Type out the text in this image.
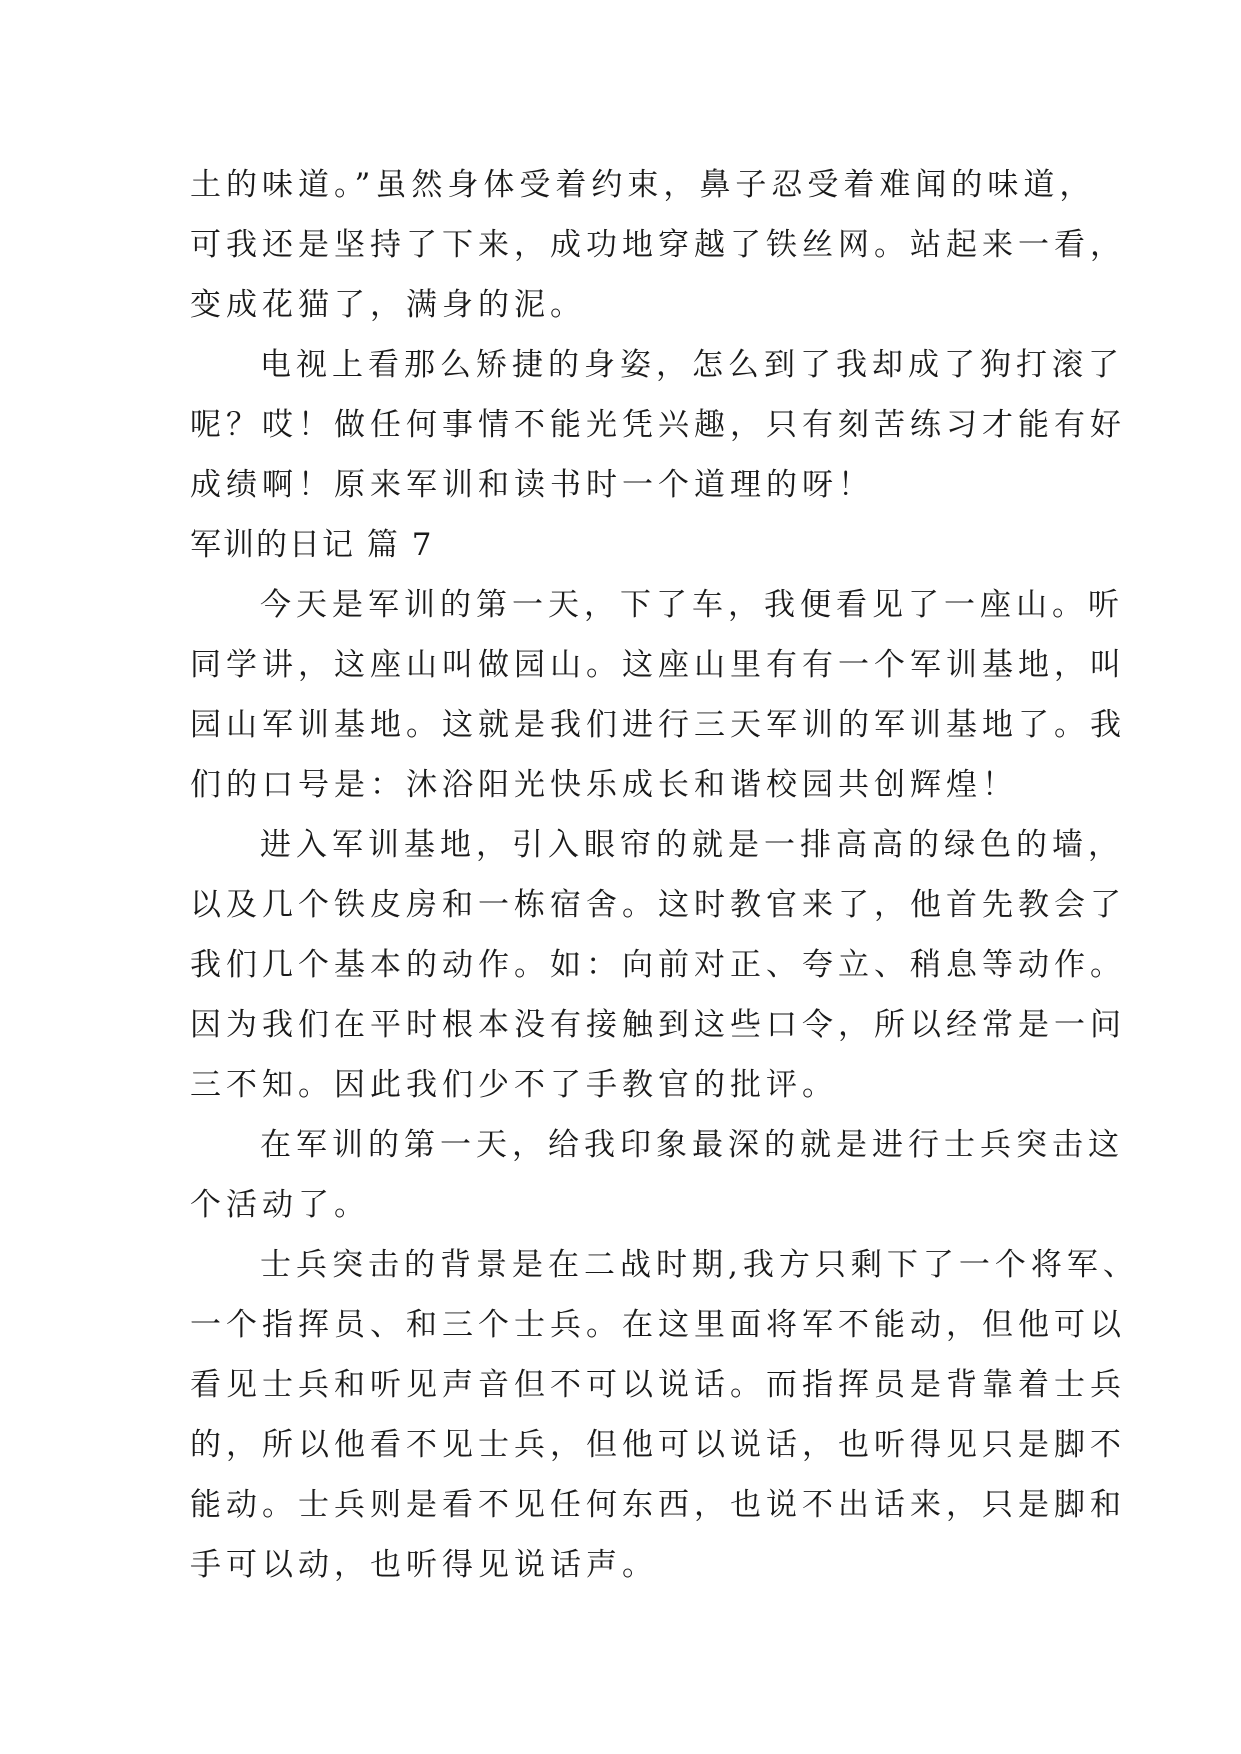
土的味道。”虽然身体受着约束，鼻子忍受着难闻的味道，
可我还是坚持了下来，成功地穿越了铁丝网。站起来一看，
变成花猫了，满身的泥。
电视上看那么矫捷的身姿，怎么到了我却成了狗打滚了
呢？哎！做任何事情不能光凭兴趣，只有刻苦练习才能有好
成绩啊！原来军训和读书时一个道理的呀！
军训的日记 篇 7
今天是军训的第一天，下了车，我便看见了一座山。听
同学讲，这座山叫做园山。这座山里有有一个军训基地，叫
园山军训基地。这就是我们进行三天军训的军训基地了。我
们的口号是：沐浴阳光快乐成长和谐校园共创辉煌！
进入军训基地，引入眼帘的就是一排高高的绿色的墙，
以及几个铁皮房和一栋宿舍。这时教官来了，他首先教会了
我们几个基本的动作。如：向前对正、夸立、稍息等动作。
因为我们在平时根本没有接触到这些口令，所以经常是一问
三不知。因此我们少不了手教官的批评。
在军训的第一天，给我印象最深的就是进行士兵突击这
个活动了。
士兵突击的背景是在二战时期,我方只剩下了一个将军、
一个指挥员、和三个士兵。在这里面将军不能动，但他可以
看见士兵和听见声音但不可以说话。而指挥员是背靠着士兵
的，所以他看不见士兵，但他可以说话，也听得见只是脚不
能动。士兵则是看不见任何东西，也说不出话来，只是脚和
手可以动，也听得见说话声。
